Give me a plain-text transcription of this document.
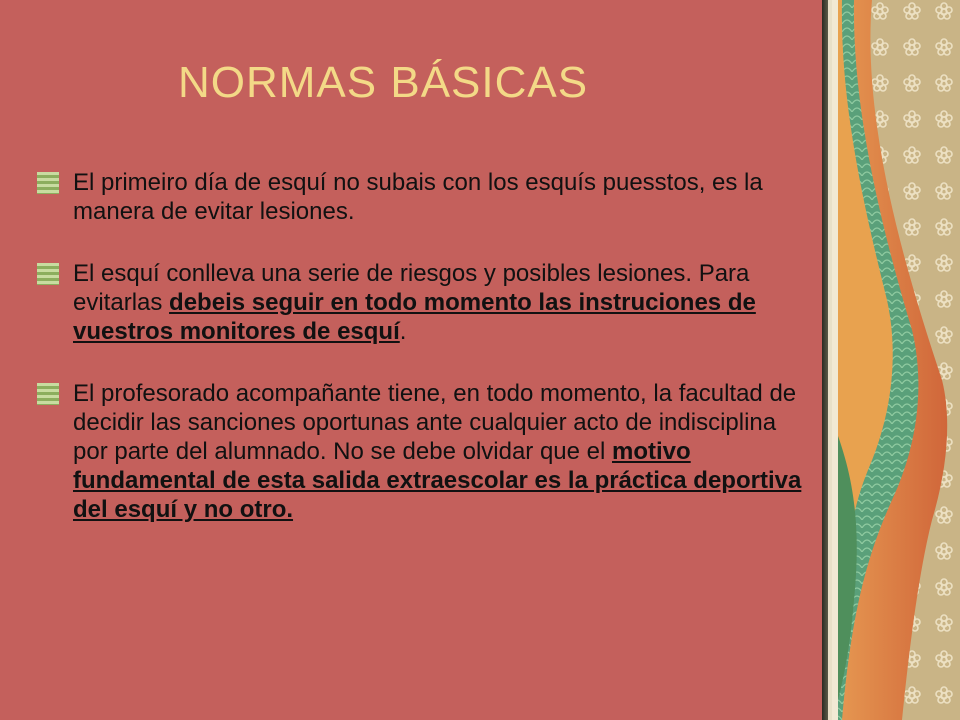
NORMAS BÁSICAS
El primeiro día de esquí no subais con los esquís puesstos, es la manera de evitar lesiones.
El esquí conlleva una serie de riesgos y posibles lesiones. Para evitarlas debeis seguir en todo momento las instruciones de vuestros monitores de esquí.
El profesorado acompañante tiene, en todo momento, la facultad de decidir las sanciones oportunas ante cualquier acto de indisciplina por parte del alumnado. No se debe olvidar que el motivo fundamental de esta salida extraescolar es la práctica deportiva del esquí y no otro.
